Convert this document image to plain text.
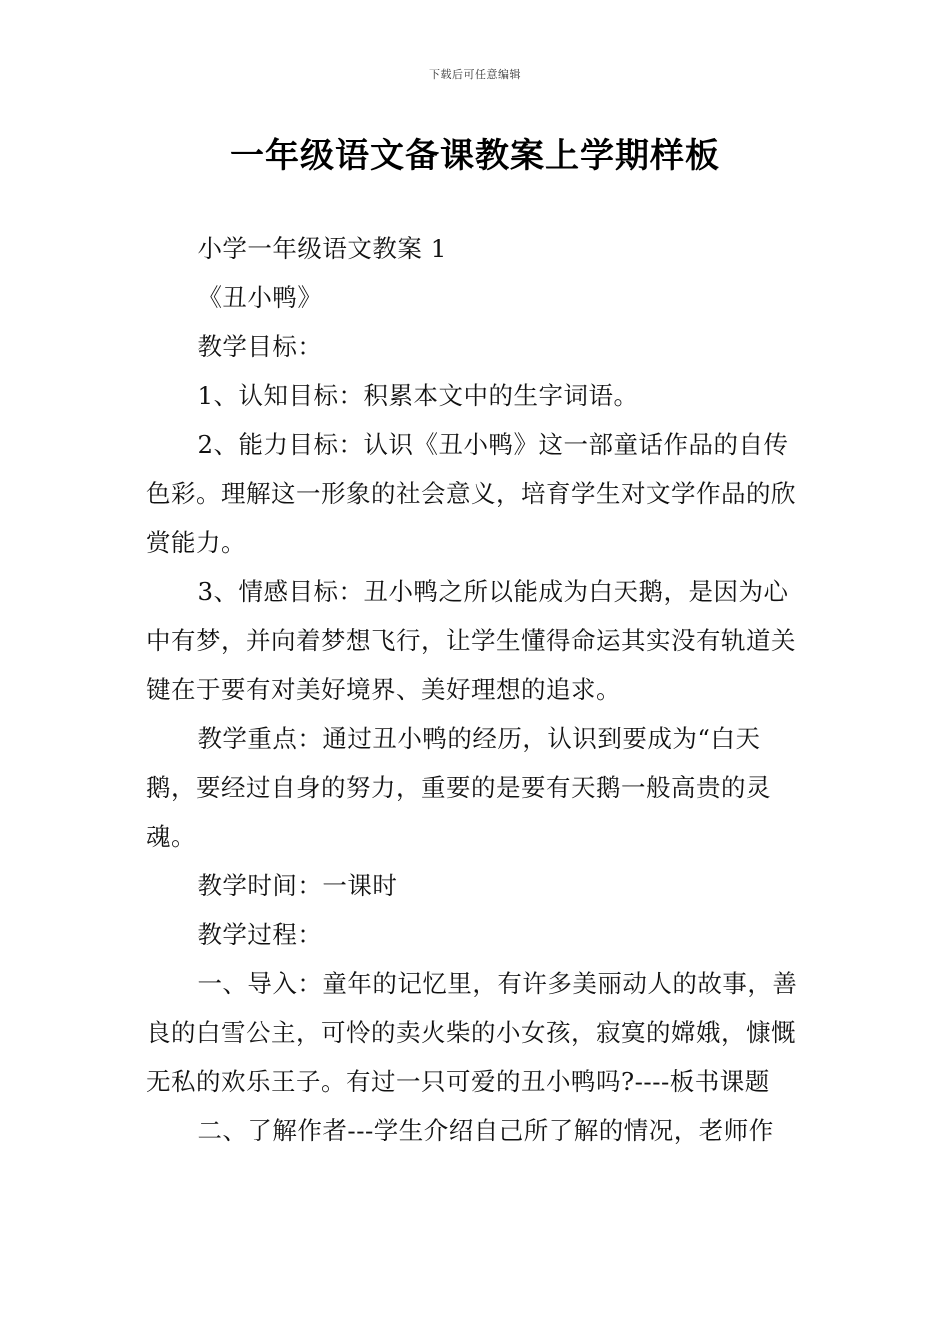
下载后可任意编辑
一年级语文备课教案上学期样板

小学一年级语文教案 1

《丑小鸭》

教学目标：

1、认知目标：积累本文中的生字词语。

2、能力目标：认识《丑小鸭》这一部童话作品的自传色彩。理解这一形象的社会意义，培育学生对文学作品的欣赏能力。

3、情感目标：丑小鸭之所以能成为白天鹅，是因为心中有梦，并向着梦想飞行，让学生懂得命运其实没有轨道关键在于要有对美好境界、美好理想的追求。

教学重点：通过丑小鸭的经历，认识到要成为“白天鹅，要经过自身的努力，重要的是要有天鹅一般高贵的灵魂。

教学时间：一课时

教学过程：

一、导入：童年的记忆里，有许多美丽动人的故事，善良的白雪公主，可怜的卖火柴的小女孩，寂寞的嫦娥，慷慨无私的欢乐王子。有过一只可爱的丑小鸭吗?----板书课题

二、了解作者---学生介绍自己所了解的情况，老师作
